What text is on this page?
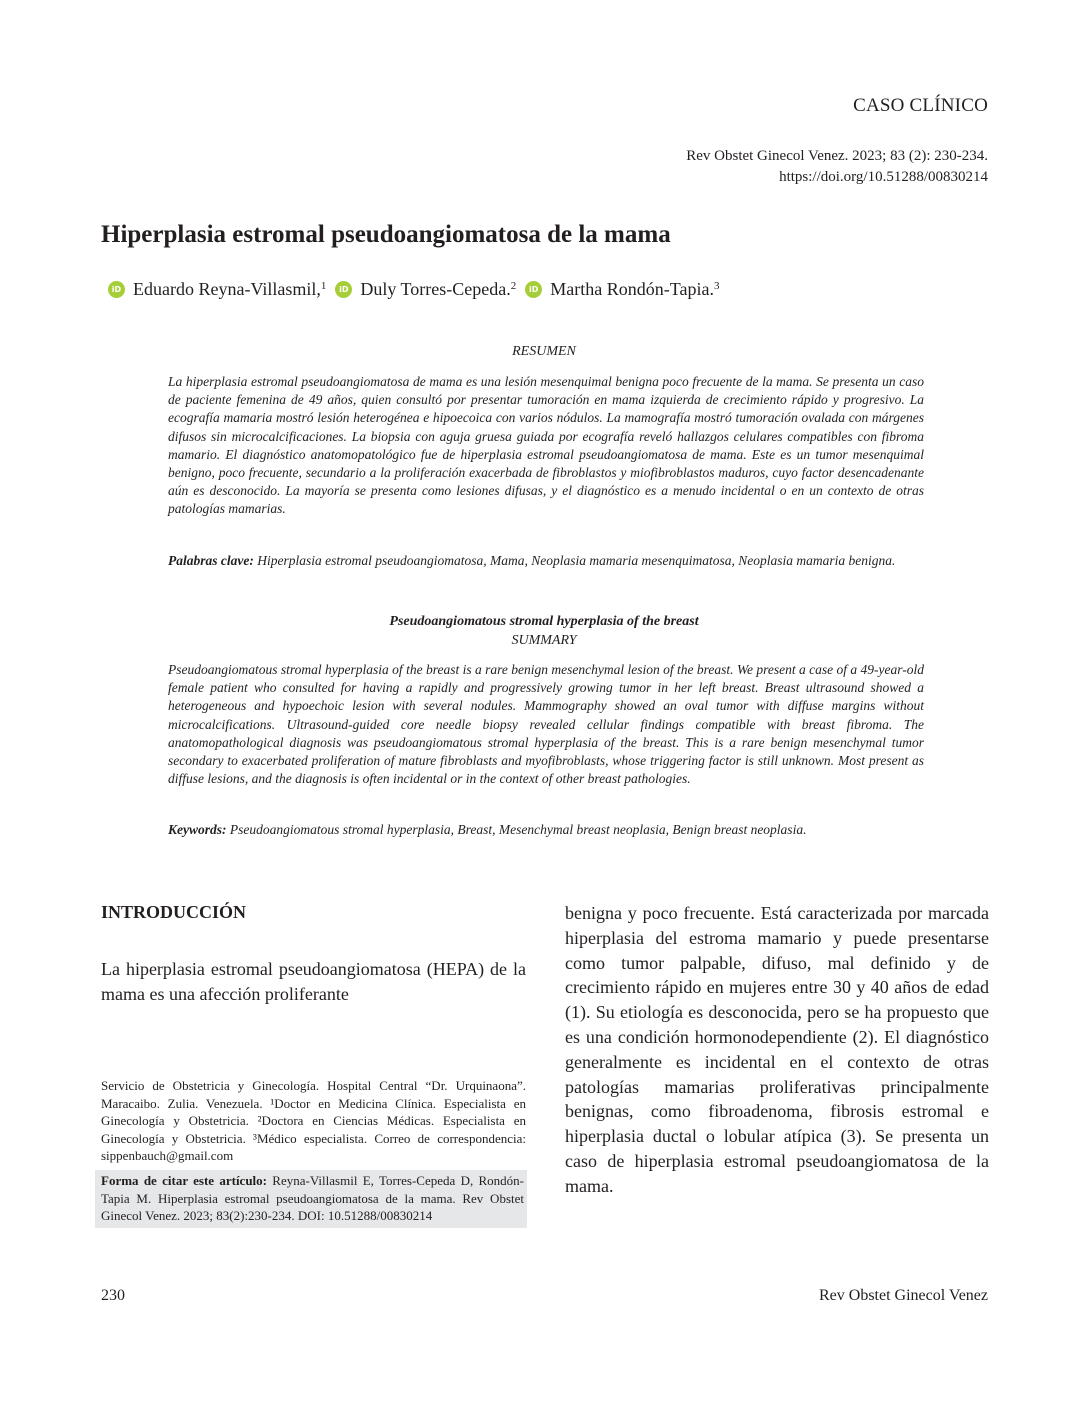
CASO CLÍNICO
Rev Obstet Ginecol Venez. 2023; 83 (2): 230-234.
https://doi.org/10.51288/00830214
Hiperplasia estromal pseudoangiomatosa de la mama
iD Eduardo Reyna-Villasmil,$^1$	iD Duly Torres-Cepeda.$^2$	iD Martha Rondón-Tapia.$^3$
RESUMEN

La hiperplasia estromal pseudoangiomatosa de mama es una lesión mesenquimal benigna poco frecuente de la mama. Se presenta un caso de paciente femenina de 49 años, quien consultó por presentar tumoración en mama izquierda de crecimiento rápido y progresivo. La ecografía mamaria mostró lesión heterogénea e hipoecoica con varios nódulos. La mamografía mostró tumoración ovalada con márgenes difusos sin microcalcificaciones. La biopsia con aguja gruesa guiada por ecografía reveló hallazgos celulares compatibles con fibroma mamario. El diagnóstico anatomopatológico fue de hiperplasia estromal pseudoangiomatosa de mama. Este es un tumor mesenquimal benigno, poco frecuente, secundario a la proliferación exacerbada de fibroblastos y miofibroblastos maduros, cuyo factor desencadenante aún es desconocido. La mayoría se presenta como lesiones difusas, y el diagnóstico es a menudo incidental o en un contexto de otras patologías mamarias.

Palabras clave: Hiperplasia estromal pseudoangiomatosa, Mama, Neoplasia mamaria mesenquimatosa, Neoplasia mamaria benigna.

Pseudoangiomatous stromal hyperplasia of the breast
SUMMARY

Pseudoangiomatous stromal hyperplasia of the breast is a rare benign mesenchymal lesion of the breast. We present a case of a 49-year-old female patient who consulted for having a rapidly and progressively growing tumor in her left breast. Breast ultrasound showed a heterogeneous and hypoechoic lesion with several nodules. Mammography showed an oval tumor with diffuse margins without microcalcifications. Ultrasound-guided core needle biopsy revealed cellular findings compatible with breast fibroma. The anatomopathological diagnosis was pseudoangiomatous stromal hyperplasia of the breast. This is a rare benign mesenchymal tumor secondary to exacerbated proliferation of mature fibroblasts and myofibroblasts, whose triggering factor is still unknown. Most present as diffuse lesions, and the diagnosis is often incidental or in the context of other breast pathologies.

Keywords: Pseudoangiomatous stromal hyperplasia, Breast, Mesenchymal breast neoplasia, Benign breast neoplasia.

INTRODUCCIÓN

La hiperplasia estromal pseudoangiomatosa (HEPA) de la mama es una afección proliferante

benigna y poco frecuente. Está caracterizada por marcada hiperplasia del estroma mamario y puede presentarse como tumor palpable, difuso, mal definido y de crecimiento rápido en mujeres entre 30 y 40 años de edad (1). Su etiología es desconocida, pero se ha propuesto que es una condición hormonodependiente (2). El diagnóstico generalmente es incidental en el contexto de otras patologías mamarias proliferativas principalmente benignas, como fibroadenoma, fibrosis estromal e hiperplasia ductal o lobular atípica (3). Se presenta un caso de hiperplasia estromal pseudoangiomatosa de la mama.

Servicio de Obstetricia y Ginecología. Hospital Central “Dr. Urquinaona”. Maracaibo. Zulia. Venezuela. ¹Doctor en Medicina Clínica. Especialista en Ginecología y Obstetricia. ²Doctora en Ciencias Médicas. Especialista en Ginecología y Obstetricia. ³Médico especialista. Correo de correspondencia: sippenbauch@gmail.com

Forma de citar este artículo: Reyna-Villasmil E, Torres-Cepeda D, Rondón-Tapia M. Hiperplasia estromal pseudoangiomatosa de la mama. Rev Obstet Ginecol Venez. 2023; 83(2):230-234. DOI: 10.51288/00830214

230	Rev Obstet Ginecol Venez
